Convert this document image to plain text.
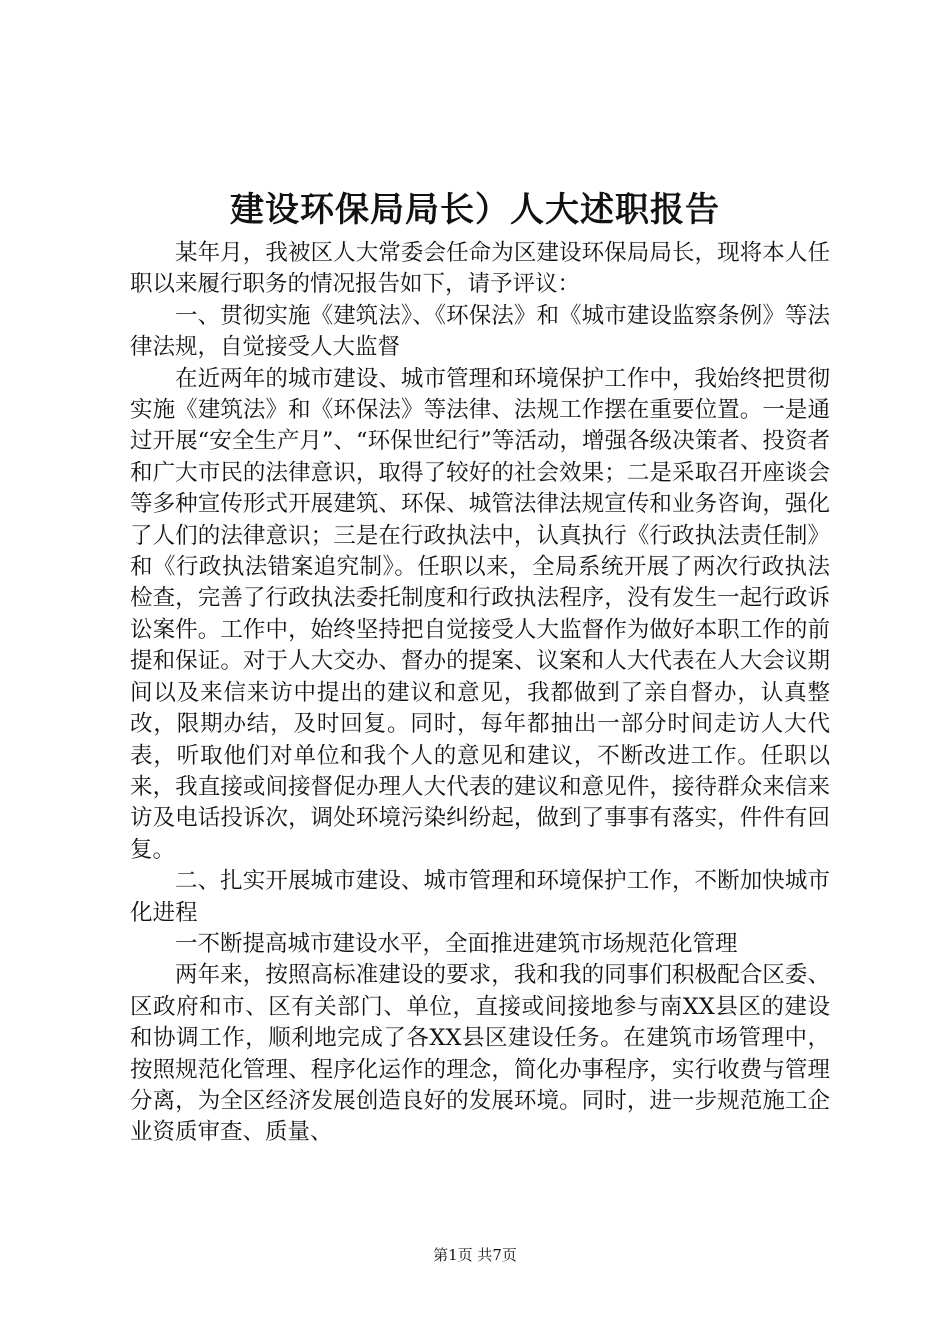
建设环保局局长）人大述职报告

某年月，我被区人大常委会任命为区建设环保局局长，现将本人任职以来履行职务的情况报告如下，请予评议：

一、贯彻实施《建筑法》、《环保法》和《城市建设监察条例》等法律法规，自觉接受人大监督

在近两年的城市建设、城市管理和环境保护工作中，我始终把贯彻实施《建筑法》和《环保法》等法律、法规工作摆在重要位置。一是通过开展“安全生产月”、“环保世纪行”等活动，增强各级决策者、投资者和广大市民的法律意识，取得了较好的社会效果；二是采取召开座谈会等多种宣传形式开展建筑、环保、城管法律法规宣传和业务咨询，强化了人们的法律意识；三是在行政执法中，认真执行《行政执法责任制》和《行政执法错案追究制》。任职以来，全局系统开展了两次行政执法检查，完善了行政执法委托制度和行政执法程序，没有发生一起行政诉讼案件。工作中，始终坚持把自觉接受人大监督作为做好本职工作的前提和保证。对于人大交办、督办的提案、议案和人大代表在人大会议期间以及来信来访中提出的建议和意见，我都做到了亲自督办，认真整改，限期办结，及时回复。同时，每年都抽出一部分时间走访人大代表，听取他们对单位和我个人的意见和建议，不断改进工作。任职以来，我直接或间接督促办理人大代表的建议和意见件，接待群众来信来访及电话投诉次，调处环境污染纠纷起，做到了事事有落实，件件有回复。

二、扎实开展城市建设、城市管理和环境保护工作，不断加快城市化进程

一不断提高城市建设水平，全面推进建筑市场规范化管理

两年来，按照高标准建设的要求，我和我的同事们积极配合区委、区政府和市、区有关部门、单位，直接或间接地参与南XX县区的建设和协调工作，顺利地完成了各XX县区建设任务。在建筑市场管理中，按照规范化管理、程序化运作的理念，简化办事程序，实行收费与管理分离，为全区经济发展创造良好的发展环境。同时，进一步规范施工企业资质审查、质量、

第1页 共7页
